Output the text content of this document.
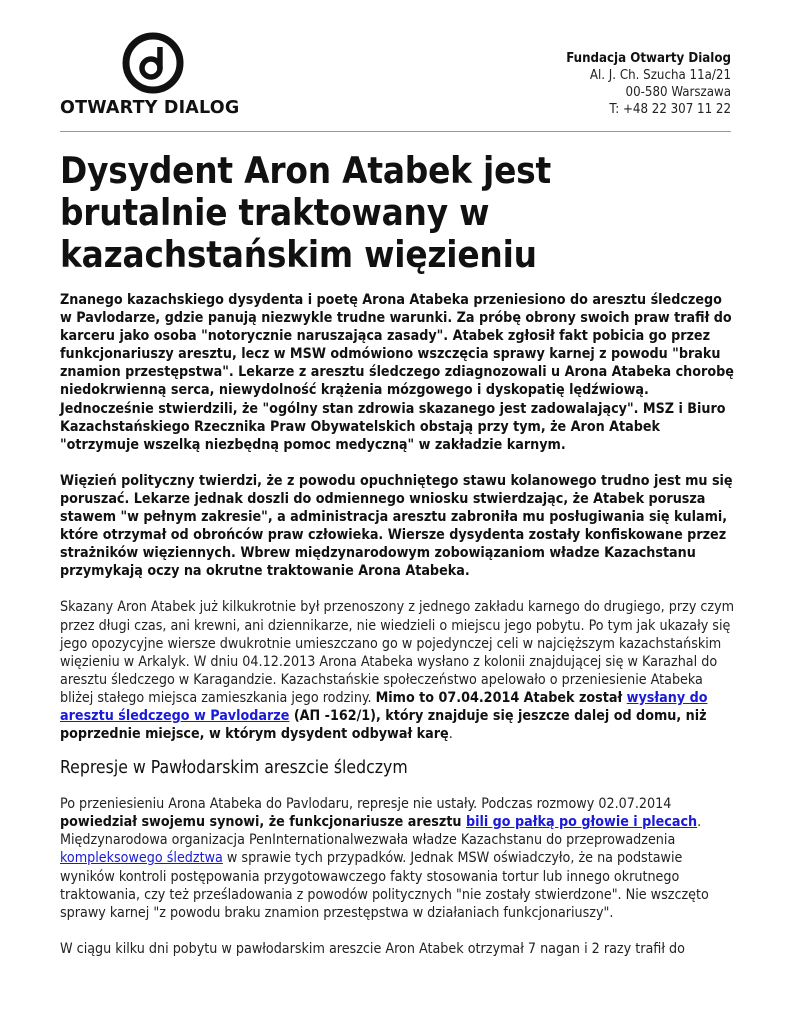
OTWARTY DIALOG
Fundacja Otwarty Dialog
Al. J. Ch. Szucha 11a/21
00-580 Warszawa
T: +48 22 307 11 22
Dysydent Aron Atabek jest brutalnie traktowany w kazachstańskim więzieniu

Znanego kazachskiego dysydenta i poetę Arona Atabeka przeniesiono do aresztu śledczego w Pavlodarze, gdzie panują niezwykle trudne warunki. Za próbę obrony swoich praw trafił do karceru jako osoba "notorycznie naruszająca zasady". Atabek zgłosił fakt pobicia go przez funkcjonariuszy aresztu, lecz w MSW odmówiono wszczęcia sprawy karnej z powodu "braku znamion przestępstwa". Lekarze z aresztu śledczego zdiagnozowali u Arona Atabeka chorobę niedokrwienną serca, niewydolność krążenia mózgowego i dyskopatię lędźwiową. Jednocześnie stwierdzili, że "ogólny stan zdrowia skazanego jest zadowalający". MSZ i Biuro Kazachstańskiego Rzecznika Praw Obywatelskich obstają przy tym, że Aron Atabek "otrzymuje wszelką niezbędną pomoc medyczną" w zakładzie karnym.

Więzień polityczny twierdzi, że z powodu opuchniętego stawu kolanowego trudno jest mu się poruszać. Lekarze jednak doszli do odmiennego wniosku stwierdzając, że Atabek porusza stawem "w pełnym zakresie", a administracja aresztu zabroniła mu posługiwania się kulami, które otrzymał od obrońców praw człowieka. Wiersze dysydenta zostały konfiskowane przez strażników więziennych. Wbrew międzynarodowym zobowiązaniom władze Kazachstanu przymykają oczy na okrutne traktowanie Arona Atabeka.

Skazany Aron Atabek już kilkukrotnie był przenoszony z jednego zakładu karnego do drugiego, przy czym przez długi czas, ani krewni, ani dziennikarze, nie wiedzieli o miejscu jego pobytu. Po tym jak ukazały się jego opozycyjne wiersze dwukrotnie umieszczano go w pojedynczej celi w najcięższym kazachstańskim więzieniu w Arkalyk. W dniu 04.12.2013 Arona Atabeka wysłano z kolonii znajdującej się w Karazhal do aresztu śledczego w Karagandzie. Kazachstańskie społeczeństwo apelowało o przeniesienie Atabeka bliżej stałego miejsca zamieszkania jego rodziny. Mimo to 07.04.2014 Atabek został wysłany do aresztu śledczego w Pavlodarze (АП -162/1), który znajduje się jeszcze dalej od domu, niż poprzednie miejsce, w którym dysydent odbywał karę.

Represje w Pawłodarskim areszcie śledczym

Po przeniesieniu Arona Atabeka do Pavlodaru, represje nie ustały. Podczas rozmowy 02.07.2014 powiedział swojemu synowi, że funkcjonariusze aresztu bili go pałką po głowie i plecach. Międzynarodowa organizacja PenInternationalwezwała władze Kazachstanu do przeprowadzenia kompleksowego śledztwa w sprawie tych przypadków. Jednak MSW oświadczyło, że na podstawie wyników kontroli postępowania przygotowawczego fakty stosowania tortur lub innego okrutnego traktowania, czy też prześladowania z powodów politycznych "nie zostały stwierdzone". Nie wszczęto sprawy karnej "z powodu braku znamion przestępstwa w działaniach funkcjonariuszy".

W ciągu kilku dni pobytu w pawłodarskim areszcie Aron Atabek otrzymał 7 nagan i 2 razy trafił do
